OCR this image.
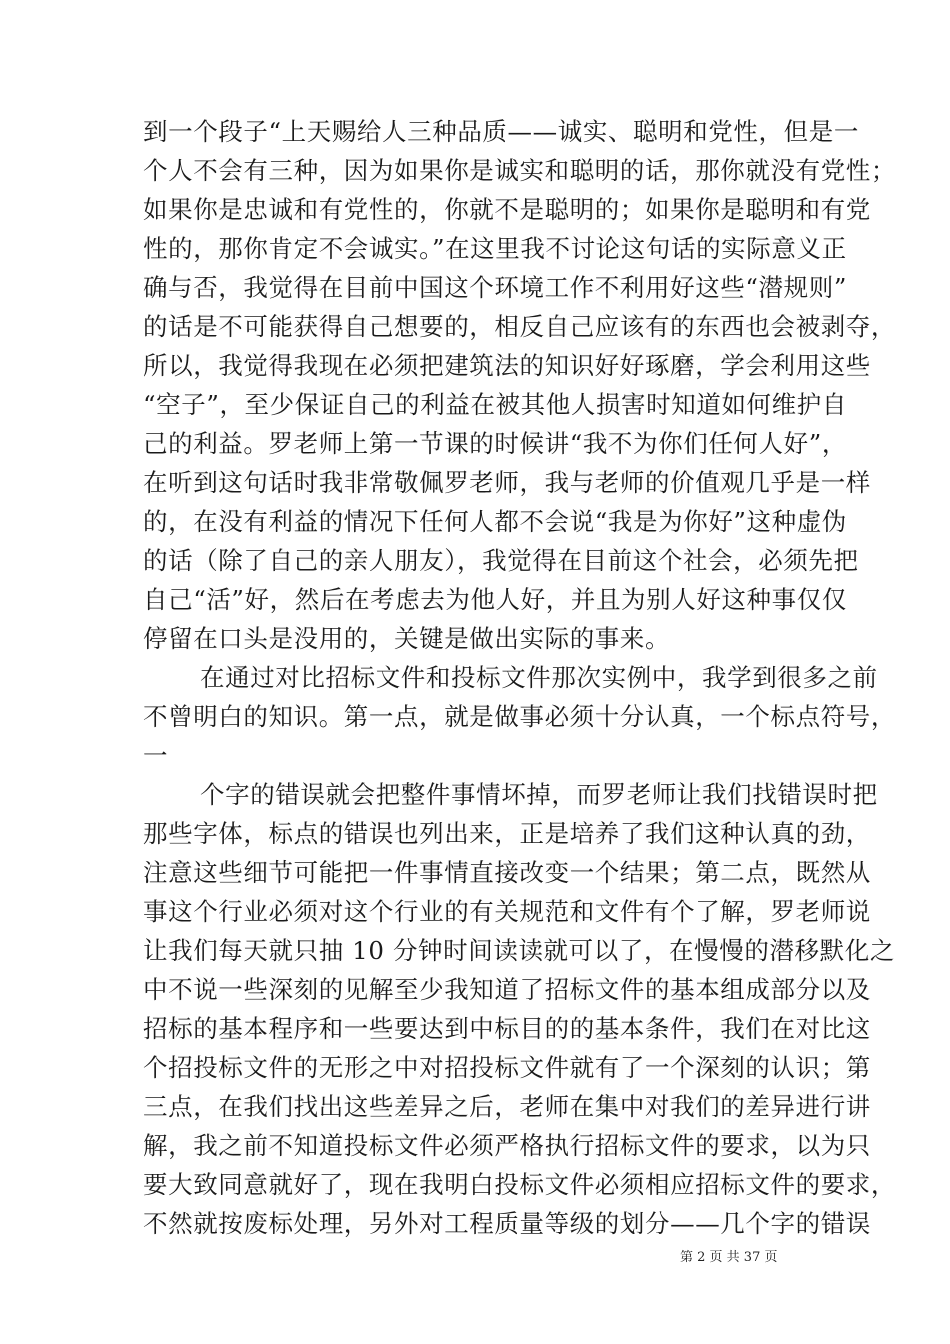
到一个段子“上天赐给人三种品质——诚实、聪明和党性，但是一
个人不会有三种，因为如果你是诚实和聪明的话，那你就没有党性；
如果你是忠诚和有党性的，你就不是聪明的；如果你是聪明和有党
性的，那你肯定不会诚实。”在这里我不讨论这句话的实际意义正
确与否，我觉得在目前中国这个环境工作不利用好这些“潜规则”
的话是不可能获得自己想要的，相反自己应该有的东西也会被剥夺，
所以，我觉得我现在必须把建筑法的知识好好琢磨，学会利用这些
“空子”，至少保证自己的利益在被其他人损害时知道如何维护自
己的利益。罗老师上第一节课的时候讲“我不为你们任何人好”，
在听到这句话时我非常敬佩罗老师，我与老师的价值观几乎是一样
的，在没有利益的情况下任何人都不会说“我是为你好”这种虚伪
的话（除了自己的亲人朋友），我觉得在目前这个社会，必须先把
自己“活”好，然后在考虑去为他人好，并且为别人好这种事仅仅
停留在口头是没用的，关键是做出实际的事来。
在通过对比招标文件和投标文件那次实例中，我学到很多之前
不曾明白的知识。第一点，就是做事必须十分认真，一个标点符号，
一
个字的错误就会把整件事情坏掉，而罗老师让我们找错误时把
那些字体，标点的错误也列出来，正是培养了我们这种认真的劲，
注意这些细节可能把一件事情直接改变一个结果；第二点，既然从
事这个行业必须对这个行业的有关规范和文件有个了解，罗老师说
让我们每天就只抽 10 分钟时间读读就可以了，在慢慢的潜移默化之
中不说一些深刻的见解至少我知道了招标文件的基本组成部分以及
招标的基本程序和一些要达到中标目的的基本条件，我们在对比这
个招投标文件的无形之中对招投标文件就有了一个深刻的认识；第
三点，在我们找出这些差异之后，老师在集中对我们的差异进行讲
解，我之前不知道投标文件必须严格执行招标文件的要求，以为只
要大致同意就好了，现在我明白投标文件必须相应招标文件的要求，
不然就按废标处理，另外对工程质量等级的划分——几个字的错误
第 2 页 共 37 页
